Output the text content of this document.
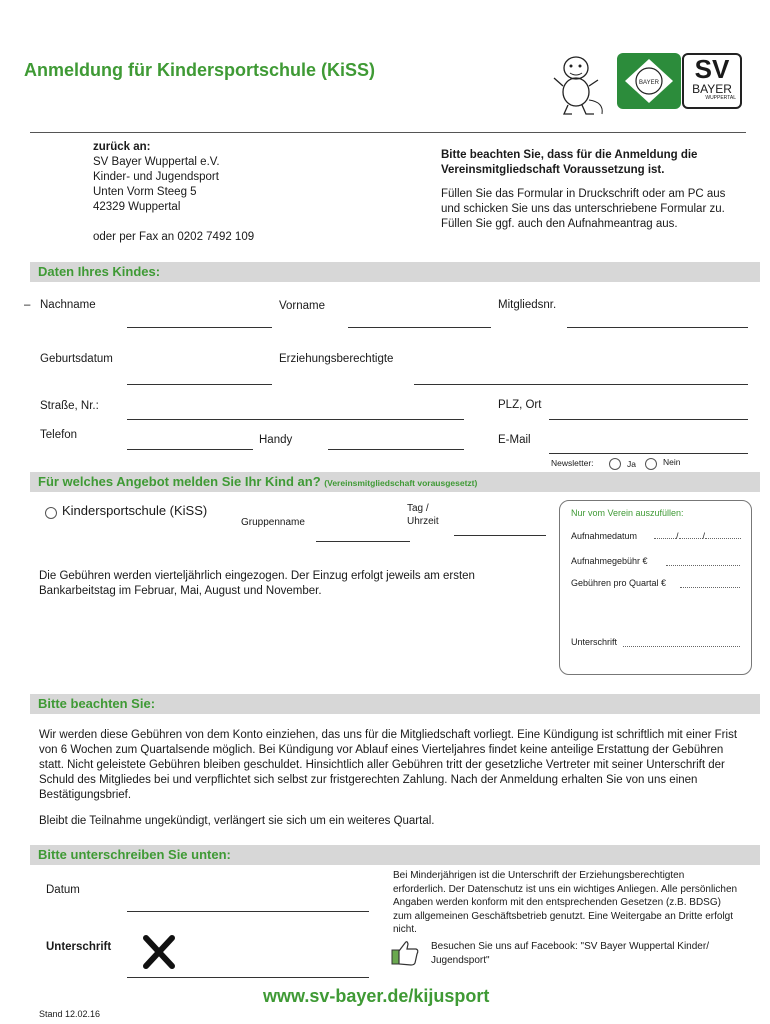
Anmeldung für Kindersportschule (KiSS)
BAYER	SV
BAYER
WUPPERTAL
zurück an:
SV Bayer Wuppertal e.V.
Kinder- und Jugendsport
Unten Vorm Steeg 5
42329 Wuppertal
oder per Fax an 0202 7492 109
Bitte beachten Sie, dass für die Anmeldung die Vereinsmitgliedschaft Voraussetzung ist.
Füllen Sie das Formular in Druckschrift oder am PC aus und schicken Sie uns das unterschriebene Formular zu. Füllen Sie ggf. auch den Aufnahmeantrag aus.
Daten Ihres Kindes:
– Nachname	Vorname	Mitgliedsnr.
Geburtsdatum	Erziehungsberechtigte
Straße, Nr.:	PLZ, Ort
Telefon	Handy	E-Mail
Newsletter:	Ja	Nein
Für welches Angebot melden Sie Ihr Kind an? (Vereinsmitgliedschaft vorausgesetzt)
Kindersportschule (KiSS)
Gruppenname
Tag /
Uhrzeit
Die Gebühren werden vierteljährlich eingezogen. Der Einzug erfolgt jeweils am ersten Bankarbeitstag im Februar, Mai, August und November.
Nur vom Verein auszufüllen:
Aufnahmedatum	/	/
Aufnahmegebühr €
Gebühren pro Quartal €
Unterschrift
Bitte beachten Sie:
Wir werden diese Gebühren von dem Konto einziehen, das uns für die Mitgliedschaft vorliegt. Eine Kündigung ist schriftlich mit einer Frist von 6 Wochen zum Quartalsende möglich. Bei Kündigung vor Ablauf eines Vierteljahres findet keine anteilige Erstattung der Gebühren statt. Nicht geleistete Gebühren bleiben geschuldet. Hinsichtlich aller Gebühren tritt der gesetzliche Vertreter mit seiner Unterschrift der Schuld des Mitgliedes bei und verpflichtet sich selbst zur fristgerechten Zahlung. Nach der Anmeldung erhalten Sie von uns einen Bestätigungsbrief.
Bleibt die Teilnahme ungekündigt, verlängert sie sich um ein weiteres Quartal.
Bitte unterschreiben Sie unten:
Datum
Unterschrift
Bei Minderjährigen ist die Unterschrift der Erziehungsberechtigten erforderlich. Der Datenschutz ist uns ein wichtiges Anliegen. Alle persönlichen Angaben werden konform mit den entsprechenden Gesetzen (z.B. BDSG) zum allgemeinen Geschäftsbetrieb genutzt. Eine Weitergabe an Dritte erfolgt nicht.
Besuchen Sie uns auf Facebook: "SV Bayer Wuppertal Kinder/ Jugendsport"
www.sv-bayer.de/kijusport
Stand 12.02.16
